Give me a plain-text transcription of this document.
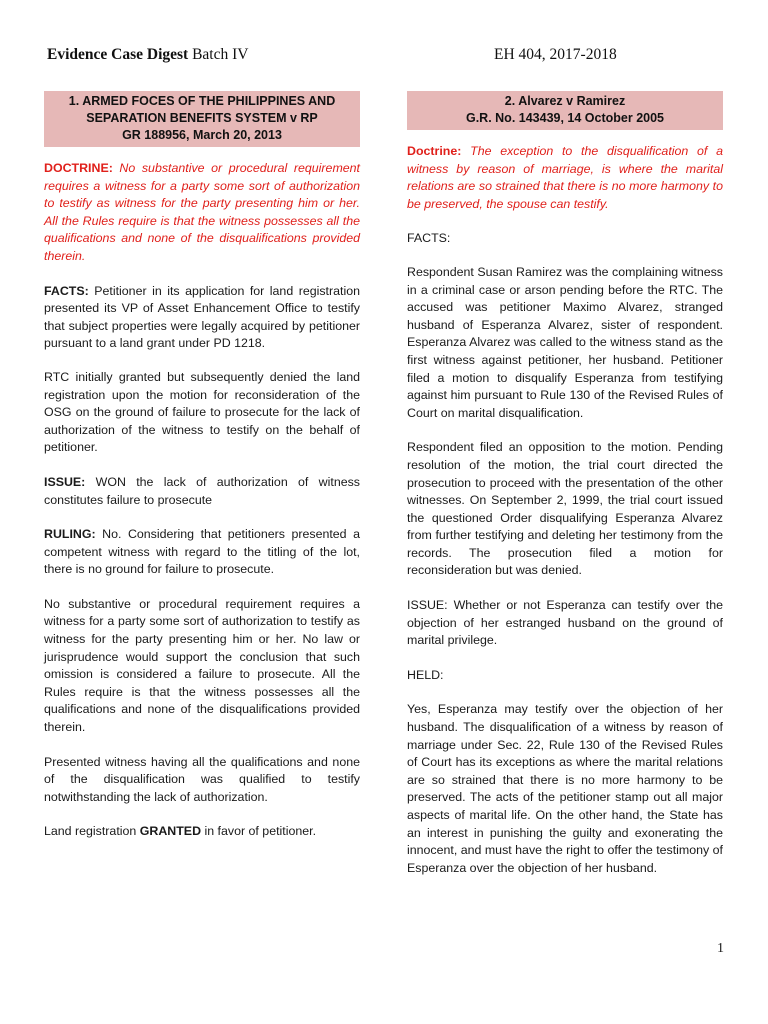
Evidence Case Digest Batch IV	EH 404, 2017-2018
1. ARMED FOCES OF THE PHILIPPINES AND
SEPARATION BENEFITS SYSTEM v RP
GR 188956, March 20, 2013

DOCTRINE: No substantive or procedural requirement requires a witness for a party some sort of authorization to testify as witness for the party presenting him or her. All the Rules require is that the witness possesses all the qualifications and none of the disqualifications provided therein.

FACTS: Petitioner in its application for land registration presented its VP of Asset Enhancement Office to testify that subject properties were legally acquired by petitioner pursuant to a land grant under PD 1218.

RTC initially granted but subsequently denied the land registration upon the motion for reconsideration of the OSG on the ground of failure to prosecute for the lack of authorization of the witness to testify on the behalf of petitioner.

ISSUE: WON the lack of authorization of witness constitutes failure to prosecute

RULING: No. Considering that petitioners presented a competent witness with regard to the titling of the lot, there is no ground for failure to prosecute.

No substantive or procedural requirement requires a witness for a party some sort of authorization to testify as witness for the party presenting him or her. No law or jurisprudence would support the conclusion that such omission is considered a failure to prosecute. All the Rules require is that the witness possesses all the qualifications and none of the disqualifications provided therein.

Presented witness having all the qualifications and none of the disqualification was qualified to testify notwithstanding the lack of authorization.

Land registration GRANTED in favor of petitioner.

2. Alvarez v Ramirez
G.R. No. 143439, 14 October 2005

Doctrine: The exception to the disqualification of a witness by reason of marriage, is where the marital relations are so strained that there is no more harmony to be preserved, the spouse can testify.

FACTS:

Respondent Susan Ramirez was the complaining witness in a criminal case or arson pending before the RTC. The accused was petitioner Maximo Alvarez, stranged husband of Esperanza Alvarez, sister of respondent. Esperanza Alvarez was called to the witness stand as the first witness against petitioner, her husband. Petitioner filed a motion to disqualify Esperanza from testifying against him pursuant to Rule 130 of the Revised Rules of Court on marital disqualification.

Respondent filed an opposition to the motion. Pending resolution of the motion, the trial court directed the prosecution to proceed with the presentation of the other witnesses. On September 2, 1999, the trial court issued the questioned Order disqualifying Esperanza Alvarez from further testifying and deleting her testimony from the records. The prosecution filed a motion for reconsideration but was denied.

ISSUE: Whether or not Esperanza can testify over the objection of her estranged husband on the ground of marital privilege.

HELD:

Yes, Esperanza may testify over the objection of her husband. The disqualification of a witness by reason of marriage under Sec. 22, Rule 130 of the Revised Rules of Court has its exceptions as where the marital relations are so strained that there is no more harmony to be preserved. The acts of the petitioner stamp out all major aspects of marital life. On the other hand, the State has an interest in punishing the guilty and exonerating the innocent, and must have the right to offer the testimony of Esperanza over the objection of her husband.

1
